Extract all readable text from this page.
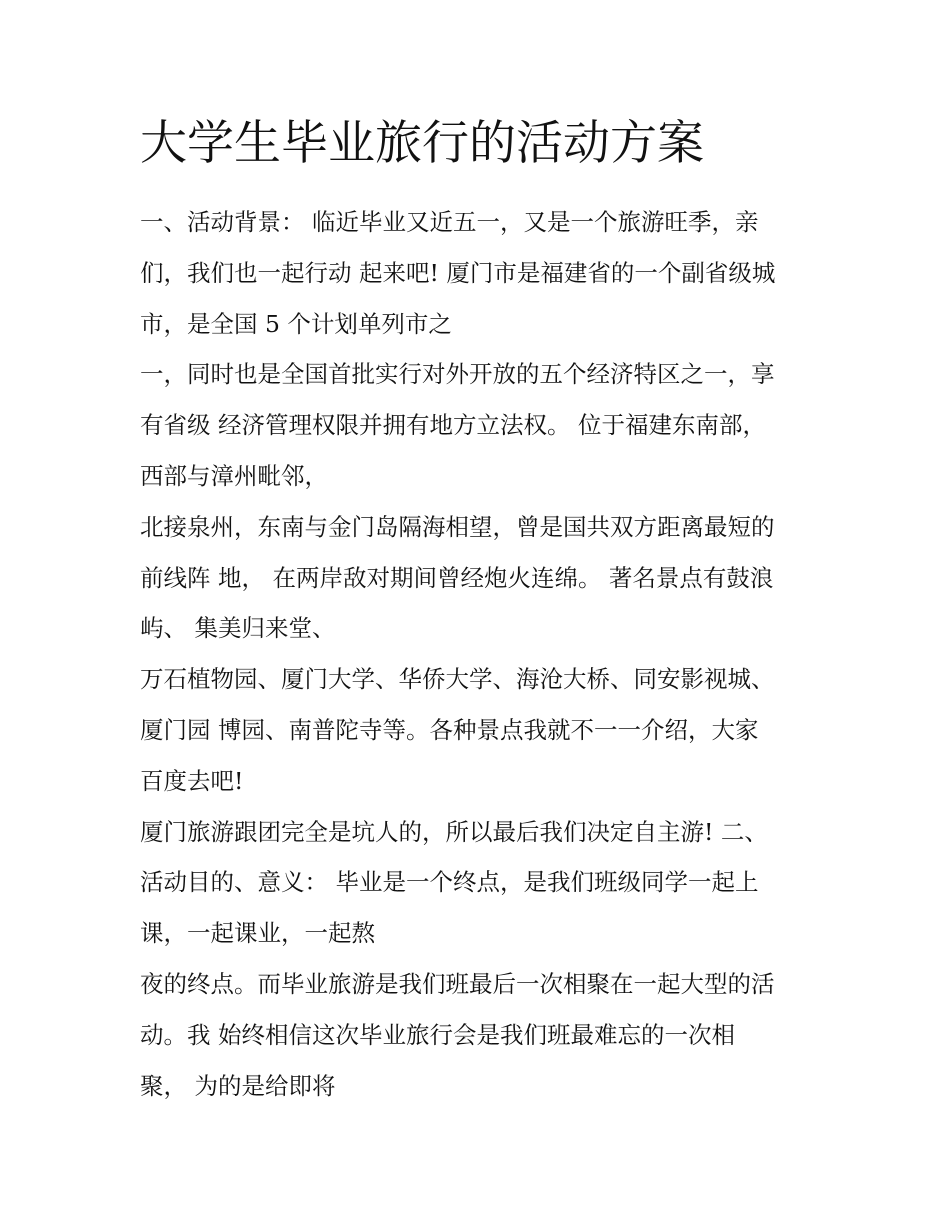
大学生毕业旅行的活动方案

一、活动背景： 临近毕业又近五一，又是一个旅游旺季，亲

们，我们也一起行动 起来吧! 厦门市是福建省的一个副省级城

市，是全国 5 个计划单列市之

一，同时也是全国首批实行对外开放的五个经济特区之一，享

有省级 经济管理权限并拥有地方立法权。 位于福建东南部，

西部与漳州毗邻，

北接泉州，东南与金门岛隔海相望，曾是国共双方距离最短的

前线阵 地， 在两岸敌对期间曾经炮火连绵。 著名景点有鼓浪

屿、 集美归来堂、

万石植物园、厦门大学、华侨大学、海沧大桥、同安影视城、

厦门园 博园、南普陀寺等。各种景点我就不一一介绍，大家

百度去吧!

厦门旅游跟团完全是坑人的，所以最后我们决定自主游! 二、

活动目的、意义： 毕业是一个终点，是我们班级同学一起上

课，一起课业，一起熬

夜的终点。而毕业旅游是我们班最后一次相聚在一起大型的活

动。我 始终相信这次毕业旅行会是我们班最难忘的一次相

聚， 为的是给即将
